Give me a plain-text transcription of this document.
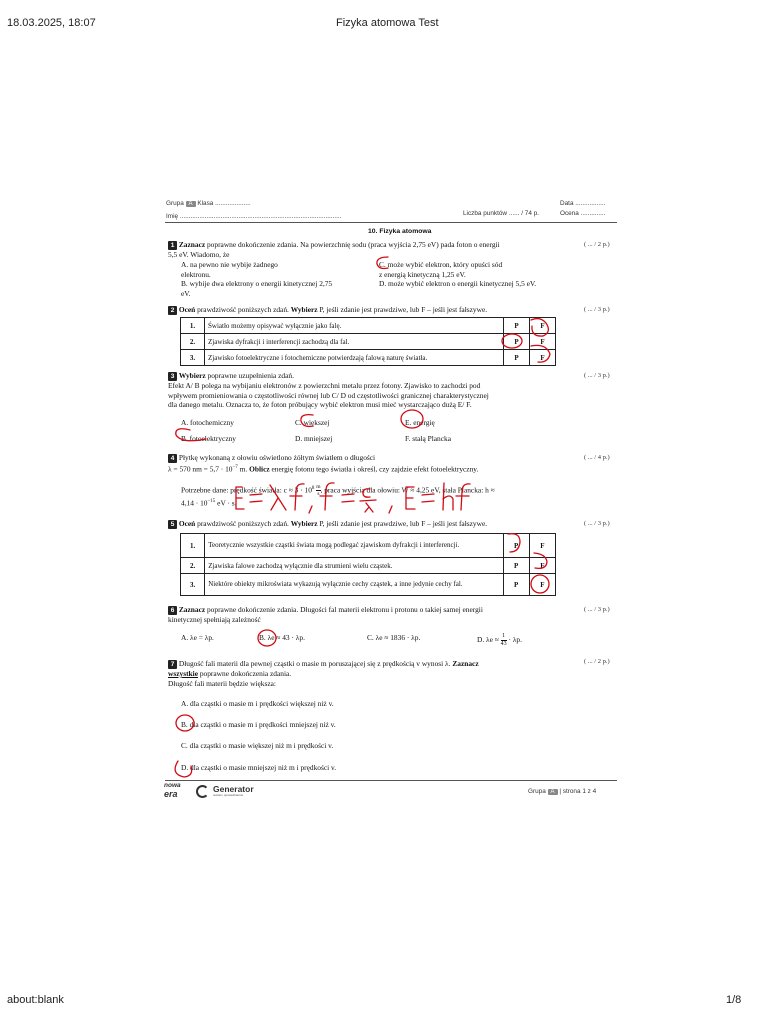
18.03.2025, 18:07	Fizyka atomowa Test
about:blank	1/8
Grupa A Klasa ....................	Data .................
Imię ...........................................................................................	Liczba punktów ...... / 74 p.	Ocena ..............
10. Fizyka atomowa
1 Zaznacz poprawne dokończenie zdania. Na powierzchnię sodu (praca wyjścia 2,75 eV) pada foton o energii
5,5 eV. Wiadomo, że
( ... / 2 p.)
A. na pewno nie wybije żadnego
elektronu.
B. wybije dwa elektrony o energii kinetycznej 2,75
eV.
C. może wybić elektron, który opuści sód
z energią kinetyczną 1,25 eV.
D. może wybić elektron o energii kinetycznej 5,5 eV.
2 Oceń prawdziwość poniższych zdań. Wybierz P, jeśli zdanie jest prawdziwe, lub F – jeśli jest fałszywe.	( ... / 3 p.)
1.	Światło możemy opisywać wyłącznie jako falę.	P	F
2.	Zjawiska dyfrakcji i interferencji zachodzą dla fal.	P	F
3.	Zjawisko fotoelektryczne i fotochemiczne potwierdzają falową naturę światła.	P	F
3 Wybierz poprawne uzupełnienia zdań.
Efekt A/ B polega na wybijaniu elektronów z powierzchni metalu przez fotony. Zjawisko to zachodzi pod
wpływem promieniowania o częstotliwości równej lub C/ D od częstotliwości granicznej charakterystycznej
dla danego metalu. Oznacza to, że foton próbujący wybić elektron musi mieć wystarczająco dużą E/ F.
( ... / 3 p.)
A. fotochemiczny	C. większej	E. energię
B. fotoelektryczny	D. mniejszej	F. stałą Plancka
4 Płytkę wykonaną z ołowiu oświetlono żółtym światłem o długości
λ = 570 nm = $5,7 \cdot 10^{-7}$ m. Oblicz energię fotonu tego światła i określ, czy zajdzie efekt fotoelektryczny.
( ... / 4 p.)
Potrzebne dane: prędkość światła: $c \approx 3 \cdot 10^8 \frac{m}{s}$ , praca wyjścia dla ołowiu: W ≈ 4,25 eV, stała Plancka: h ≈
$4,14 \cdot 10^{-15}$ eV · s.
5 Oceń prawdziwość poniższych zdań. Wybierz P, jeśli zdanie jest prawdziwe, lub F – jeśli jest fałszywe.	( ... / 3 p.)
1.	Teoretycznie wszystkie cząstki świata mogą podlegać zjawiskom dyfrakcji i interferencji.	P	F
2.	Zjawiska falowe zachodzą wyłącznie dla strumieni wielu cząstek.	P	F
3.	Niektóre obiekty mikroświata wykazują wyłącznie cechy cząstek, a inne jedynie cechy fal.	P	F
6 Zaznacz poprawne dokończenie zdania. Długości fal materii elektronu i protonu o takiej samej energii
kinetycznej spełniają zależność
( ... / 3 p.)
A. λe = λp.	B. λe ≈ 43 · λp.	C. λe ≈ 1836 · λp.	D. $\lambda e \approx \frac{1}{43} \cdot \lambda p$.
7 Długość fali materii dla pewnej cząstki o masie m poruszającej się z prędkością v wynosi λ. Zaznacz
wszystkie poprawne dokończenia zdania.
Długość fali materii będzie większa:
( ... / 2 p.)
A. dla cząstki o masie m i prędkości większej niż v.
B. dla cząstki o masie m i prędkości mniejszej niż v.
C. dla cząstki o masie większej niż m i prędkości v.
D. dla cząstki o masie mniejszej niż m i prędkości v.
nowa
era
	Generator
testów i sprawdzianów
Grupa A | strona 1 z 4
